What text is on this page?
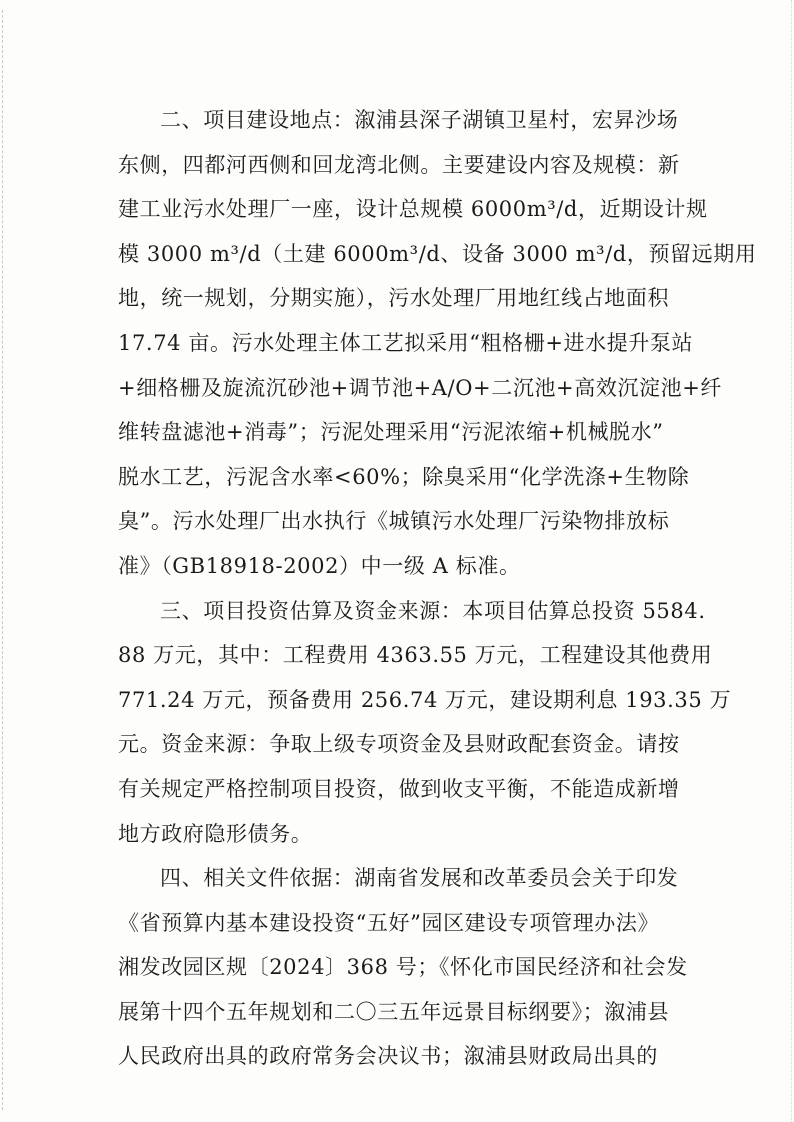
二、项目建设地点：溆浦县深子湖镇卫星村，宏昇沙场
东侧，四都河西侧和回龙湾北侧。主要建设内容及规模：新
建工业污水处理厂一座，设计总规模 6000m³/d，近期设计规
模 3000 m³/d（土建 6000m³/d、设备 3000 m³/d，预留远期用
地，统一规划，分期实施），污水处理厂用地红线占地面积
17.74 亩。污水处理主体工艺拟采用“粗格栅+进水提升泵站
+细格栅及旋流沉砂池+调节池+A/O+二沉池+高效沉淀池+纤
维转盘滤池+消毒”；污泥处理采用“污泥浓缩+机械脱水”
脱水工艺，污泥含水率<60%；除臭采用“化学洗涤+生物除
臭”。污水处理厂出水执行《城镇污水处理厂污染物排放标
准》（GB18918-2002）中一级 A 标准。

三、项目投资估算及资金来源：本项目估算总投资 5584.
88 万元，其中：工程费用 4363.55 万元，工程建设其他费用
771.24 万元，预备费用 256.74 万元，建设期利息 193.35 万
元。资金来源：争取上级专项资金及县财政配套资金。请按
有关规定严格控制项目投资，做到收支平衡，不能造成新增
地方政府隐形债务。

四、相关文件依据：湖南省发展和改革委员会关于印发
《省预算内基本建设投资“五好”园区建设专项管理办法》
湘发改园区规〔2024〕368 号；《怀化市国民经济和社会发
展第十四个五年规划和二〇三五年远景目标纲要》；溆浦县
人民政府出具的政府常务会决议书；溆浦县财政局出具的
